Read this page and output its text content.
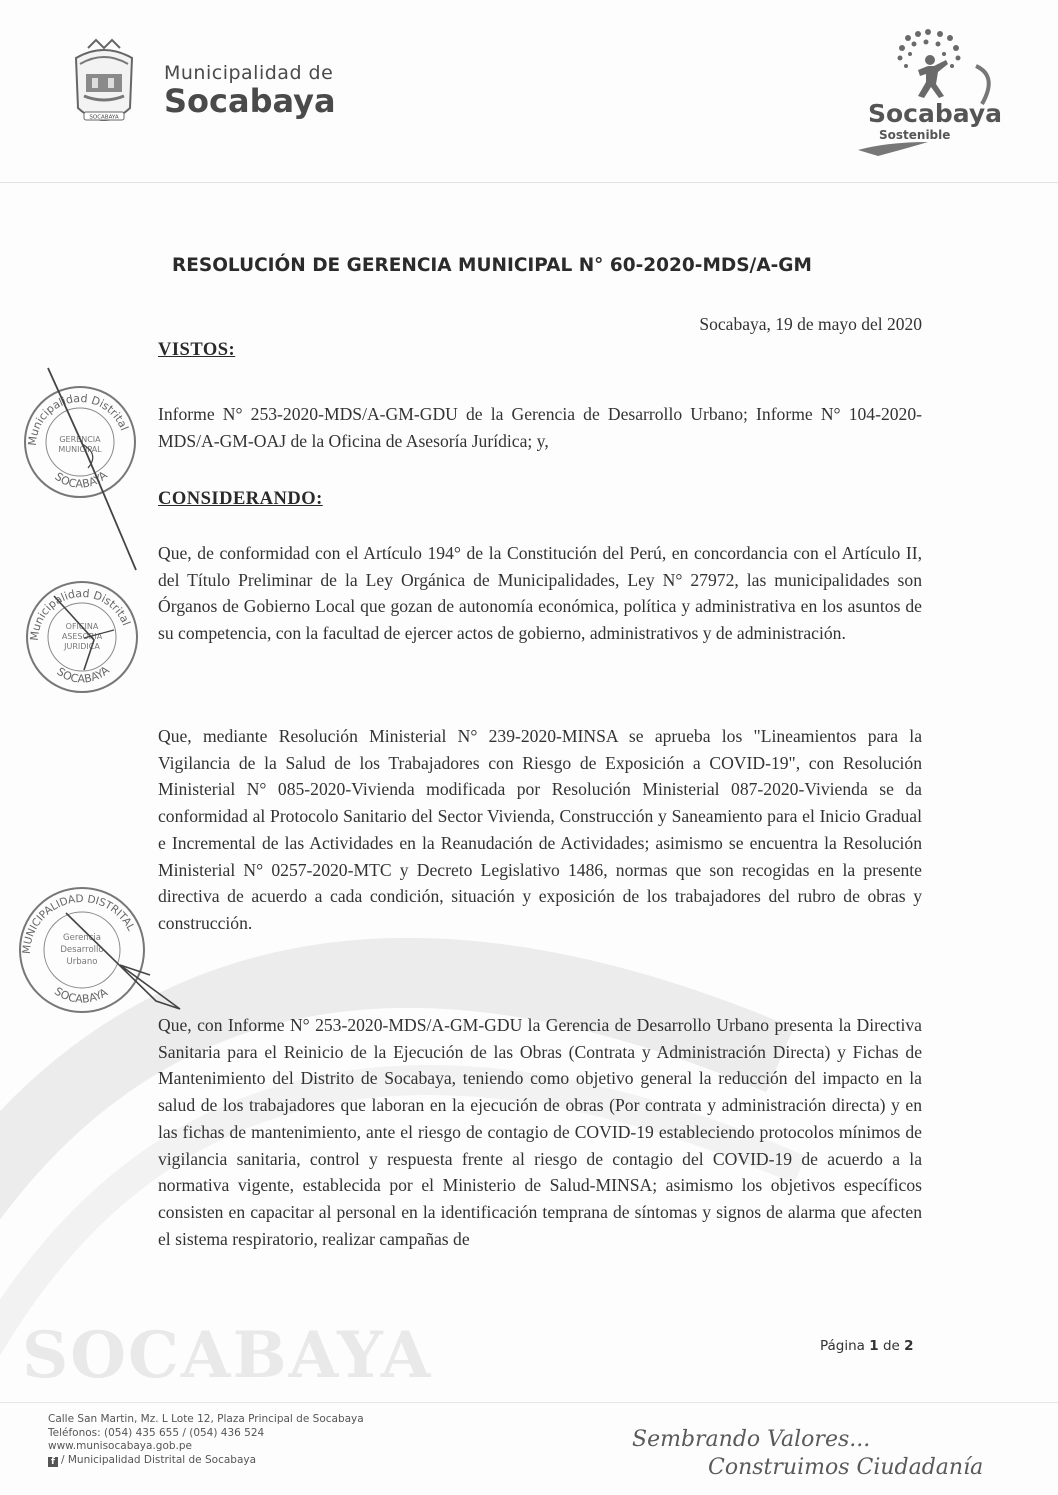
SOCABAYA
SOCABAYA
Municipalidad de
Socabaya	Socabaya
Sostenible
RESOLUCIÓN DE GERENCIA MUNICIPAL N° 60-2020-MDS/A-GM
Socabaya, 19 de mayo del 2020
VISTOS:

Informe N° 253-2020-MDS/A-GM-GDU de la Gerencia de Desarrollo Urbano; Informe N° 104-2020-MDS/A-GM-OAJ de la Oficina de Asesoría Jurídica; y,

CONSIDERANDO:

Que, de conformidad con el Artículo 194° de la Constitución del Perú, en concordancia con el Artículo II, del Título Preliminar de la Ley Orgánica de Municipalidades, Ley N° 27972, las municipalidades son Órganos de Gobierno Local que gozan de autonomía económica, política y administrativa en los asuntos de su competencia, con la facultad de ejercer actos de gobierno, administrativos y de administración.

Que, mediante Resolución Ministerial N° 239-2020-MINSA se aprueba los "Lineamientos para la Vigilancia de la Salud de los Trabajadores con Riesgo de Exposición a COVID-19", con Resolución Ministerial N° 085-2020-Vivienda modificada por Resolución Ministerial 087-2020-Vivienda se da conformidad al Protocolo Sanitario del Sector Vivienda, Construcción y Saneamiento para el Inicio Gradual e Incremental de las Actividades en la Reanudación de Actividades; asimismo se encuentra la Resolución Ministerial N° 0257-2020-MTC y Decreto Legislativo 1486, normas que son recogidas en la presente directiva de acuerdo a cada condición, situación y exposición de los trabajadores del rubro de obras y construcción.

Que, con Informe N° 253-2020-MDS/A-GM-GDU la Gerencia de Desarrollo Urbano presenta la Directiva Sanitaria para el Reinicio de la Ejecución de las Obras (Contrata y Administración Directa) y Fichas de Mantenimiento del Distrito de Socabaya, teniendo como objetivo general la reducción del impacto en la salud de los trabajadores que laboran en la ejecución de obras (Por contrata y administración directa) y en las fichas de mantenimiento, ante el riesgo de contagio de COVID-19 estableciendo protocolos mínimos de vigilancia sanitaria, control y respuesta frente al riesgo de contagio del COVID-19 de acuerdo a la normativa vigente, establecida por el Ministerio de Salud-MINSA; asimismo los objetivos específicos consisten en capacitar al personal en la identificación temprana de síntomas y signos de alarma que afecten el sistema respiratorio, realizar campañas de

Municipalidad Distrital
SOCABAYA
GERENCIA
MUNICIPAL
Municipalidad Distrital
SOCABAYA
OFICINA
ASESORIA
JURIDICA
MUNICIPALIDAD DISTRITAL
SOCABAYA
Gerencia
Desarrollo
Urbano
Página 1 de 2
Calle San Martin, Mz. L Lote 12, Plaza Principal de Socabaya
Teléfonos: (054) 435 655 / (054) 436 524
www.munisocabaya.gob.pe
f / Municipalidad Distrital de Socabaya
Sembrando Valores...
Construimos Ciudadanía
